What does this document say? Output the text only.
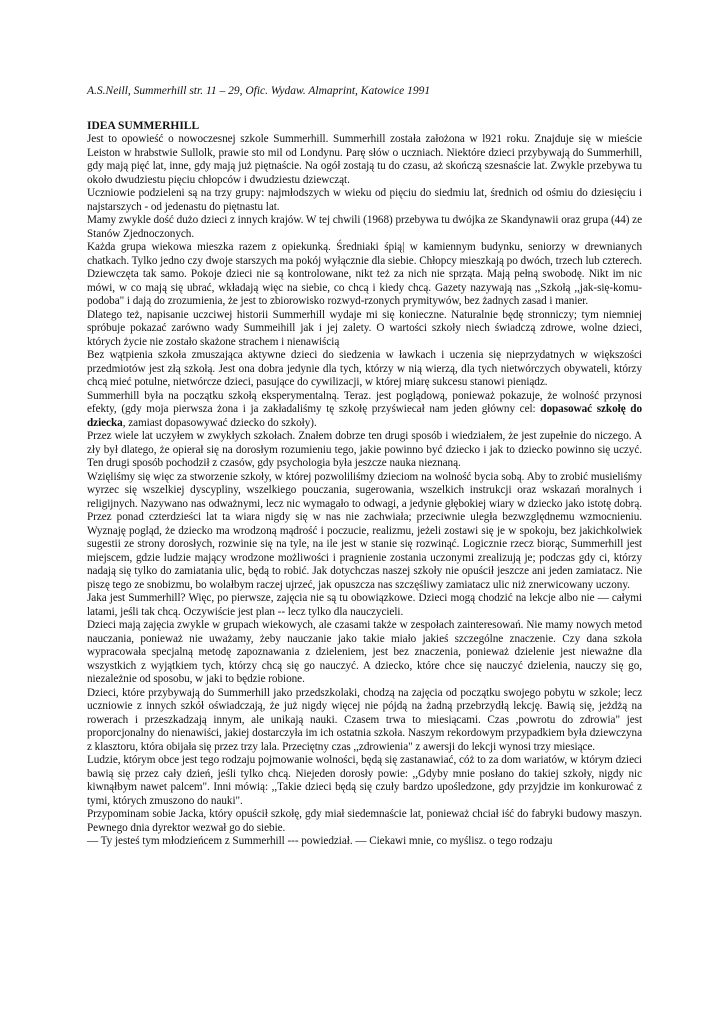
A.S.Neill, Summerhill str. 11 – 29, Ofic. Wydaw. Almaprint, Katowice 1991

IDEA SUMMERHILL

Jest to opowieść o nowoczesnej szkole Summerhill. Summerhill została założona w l921 roku. Znajduje się w mieście Leiston w hrabstwie Sullolk, prawie sto mil od Londynu. Parę słów o uczniach. Niektóre dzieci przybywają do Summerhill, gdy mają pięć lat, inne, gdy mają już piętnaście. Na ogół zostają tu do czasu, aż skończą szesnaście lat. Zwykle przebywa tu około dwudziestu pięciu chłopców i dwudziestu dziewcząt.

Uczniowie podzieleni są na trzy grupy: najmłodszych w wieku od pięciu do siedmiu lat, średnich od ośmiu do dziesięciu i najstarszych - od jedenastu do piętnastu lat.

Mamy zwykle dość dużo dzieci z innych krajów. W tej chwili (1968) przebywa tu dwójka ze Skandynawii oraz grupa (44) ze Stanów Zjednoczonych.

Każda grupa wiekowa mieszka razem z opiekunką. Średniaki śpią| w kamiennym budynku, seniorzy w drewnianych chatkach. Tylko jedno czy dwoje starszych ma pokój wyłącznie dla siebie. Chłopcy mieszkają po dwóch, trzech lub czterech. Dziewczęta tak samo. Pokoje dzieci nie są kontrolowane, nikt też za nich nie sprząta. Mają pełną swobodę. Nikt im nic mówi, w co mają się ubrać, wkładają więc na siebie, co chcą i kiedy chcą. Gazety nazywają nas ,,Szkołą ,,jak-się-komu-podoba" i dają do zrozumienia, że jest to zbiorowisko rozwyd-rzonych prymitywów, bez żadnych zasad i manier.

Dlatego też, napisanie uczciwej historii Summerhill wydaje mi się konieczne. Naturalnie będę stronniczy; tym niemniej spróbuje pokazać zarówno wady Summeihill jak i jej zalety. O wartości szkoły niech świadczą zdrowe, wolne dzieci, których życie nie zostało skażone strachem i nienawiścią

Bez wątpienia szkoła zmuszająca aktywne dzieci do siedzenia w ławkach i uczenia się nieprzydatnych w większości przedmiotów jest złą szkołą. Jest ona dobra jedynie dla tych, którzy w nią wierzą, dla tych nietwórczych obywateli, którzy chcą mieć potulne, nietwórcze dzieci, pasujące do cywilizacji, w której miarę sukcesu stanowi pieniądz.

Summerhill była na początku szkołą eksperymentalną. Teraz. jest poglądową, ponieważ pokazuje, że wolność przynosi efekty, (gdy moja pierwsza żona i ja zakładaliśmy tę szkołę przyświecał nam jeden główny cel: dopasować szkołę do dziecka, zamiast dopasowywać dziecko do szkoły).

Przez wiele lat uczyłem w zwykłych szkołach. Znałem dobrze ten drugi sposób i wiedziałem, że jest zupełnie do niczego. A zły był dlatego, że opierał się na dorosłym rozumieniu tego, jakie powinno być dziecko i jak to dziecko powinno się uczyć. Ten drugi sposób pochodził z czasów, gdy psychologia była jeszcze nauka nieznaną.

Wzięliśmy się więc za stworzenie szkoły, w której pozwoliliśmy dzieciom na wolność bycia sobą. Aby to zrobić musieliśmy wyrzec się wszelkiej dyscypliny, wszelkiego pouczania, sugerowania, wszelkich instrukcji oraz wskazań moralnych i religijnych. Nazywano nas odważnymi, lecz nic wymagało to odwagi, a jedynie głębokiej wiary w dziecko jako istotę dobrą. Przez ponad czterdzieści lat ta wiara nigdy się w nas nie zachwiała; przeciwnie uległa bezwzględnemu wzmocnieniu. Wyznaję pogląd, że dziecko ma wrodzoną mądrość i poczucie, realizmu, jeżeli zostawi się je w spokoju, bez jakichkolwiek sugestii ze strony dorosłych, rozwinie się na tyle, na ile jest w stanie się rozwinąć. Logicznie rzecz biorąc, Summerhill jest miejscem, gdzie ludzie mający wrodzone możliwości i pragnienie zostania uczonymi zrealizują je; podczas gdy ci, którzy nadają się tylko do zamiatania ulic, będą to robić. Jak dotychczas naszej szkoły nie opuścił jeszcze ani jeden zamiatacz. Nie piszę tego ze snobizmu, bo wolałbym raczej ujrzeć, jak opuszcza nas szczęśliwy zamiatacz ulic niż znerwicowany uczony.

Jaka jest Summerhill? Więc, po pierwsze, zajęcia nie są tu obowiązkowe. Dzieci mogą chodzić na lekcje albo nie — całymi latami, jeśli tak chcą. Oczywiście jest plan -- lecz tylko dla nauczycieli.

Dzieci mają zajęcia zwykle w grupach wiekowych, ale czasami także w zespołach zainteresowań. Nie mamy nowych metod nauczania, ponieważ nie uważamy, żeby nauczanie jako takie miało jakieś szczególne znaczenie. Czy dana szkoła wypracowała specjalną metodę zapoznawania z dzieleniem, jest bez znaczenia, ponieważ dzielenie jest nieważne dla wszystkich z wyjątkiem tych, którzy chcą się go nauczyć. A dziecko, które chce się nauczyć dzielenia, nauczy się go, niezależnie od sposobu, w jaki to będzie robione.

Dzieci, które przybywają do Summerhill jako przedszkolaki, chodzą na zajęcia od początku swojego pobytu w szkole; lecz uczniowie z innych szkół oświadczają, że już nigdy więcej nie pójdą na żadną przebrzydłą lekcję. Bawią się, jeżdżą na rowerach i przeszkadzają innym, ale unikają nauki. Czasem trwa to miesiącami. Czas ,powrotu do zdrowia" jest proporcjonalny do nienawiści, jakiej dostarczyła im ich ostatnia szkoła. Naszym rekordowym przypadkiem była dziewczyna z klasztoru, która obijała się przez trzy lala. Przeciętny czas ,,zdrowienia" z awersji do lekcji wynosi trzy miesiące.

Ludzie, którym obce jest tego rodzaju pojmowanie wolności, będą się zastanawiać, cóż to za dom wariatów, w którym dzieci bawią się przez cały dzień, jeśli tylko chcą. Niejeden dorosły powie: ,,Gdyby mnie posłano do takiej szkoły, nigdy nic kiwnąłbym nawet palcem". Inni mówią: ,,Takie dzieci będą się czuły bardzo upośledzone, gdy przyjdzie im konkurować z tymi, których zmuszono do nauki".

Przypominam sobie Jacka, który opuścił szkołę, gdy miał siedemnaście lat, ponieważ chciał iść do fabryki budowy maszyn. Pewnego dnia dyrektor wezwał go do siebie.

— Ty jesteś tym młodzieńcem z Summerhill --- powiedział. — Ciekawi mnie, co myślisz. o tego rodzaju
